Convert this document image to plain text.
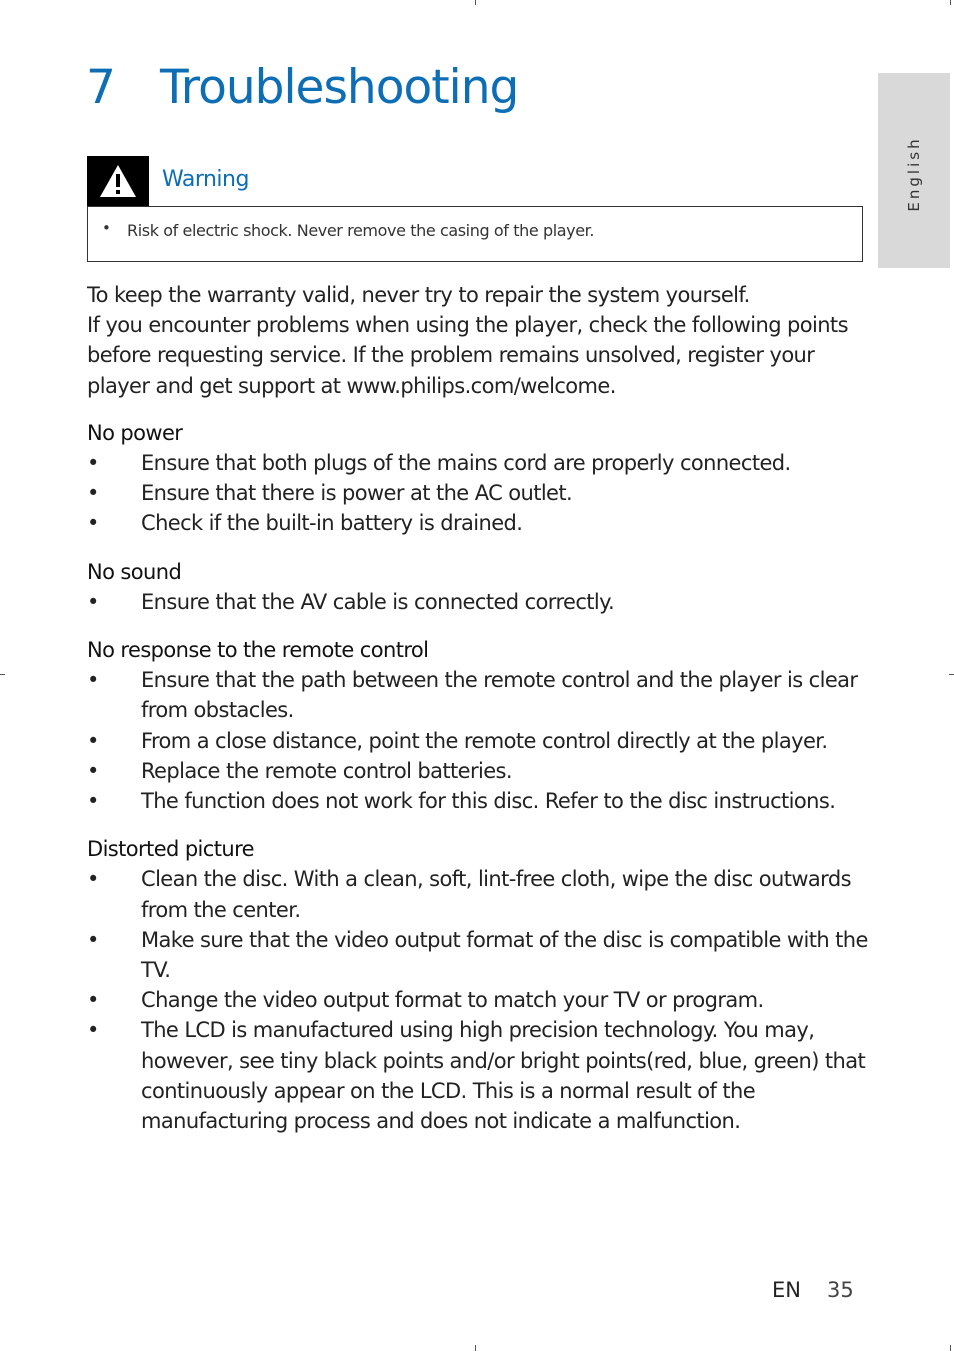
7 Troubleshooting
English
Warning
• Risk of electric shock. Never remove the casing of the player.

To keep the warranty valid, never try to repair the system yourself.

If you encounter problems when using the player, check the following points before requesting service. If the problem remains unsolved, register your player and get support at www.philips.com/welcome.

No power
• Ensure that both plugs of the mains cord are properly connected.
• Ensure that there is power at the AC outlet.
• Check if the built-in battery is drained.
No sound
• Ensure that the AV cable is connected correctly.
No response to the remote control
• Ensure that the path between the remote control and the player is clear from obstacles.
• From a close distance, point the remote control directly at the player.
• Replace the remote control batteries.
• The function does not work for this disc. Refer to the disc instructions.
Distorted picture
• Clean the disc. With a clean, soft, lint-free cloth, wipe the disc outwards from the center.
• Make sure that the video output format of the disc is compatible with the TV.
• Change the video output format to match your TV or program.
• The LCD is manufactured using high precision technology. You may, however, see tiny black points and/or bright points(red, blue, green) that continuously appear on the LCD. This is a normal result of the manufacturing process and does not indicate a malfunction.
EN 35
